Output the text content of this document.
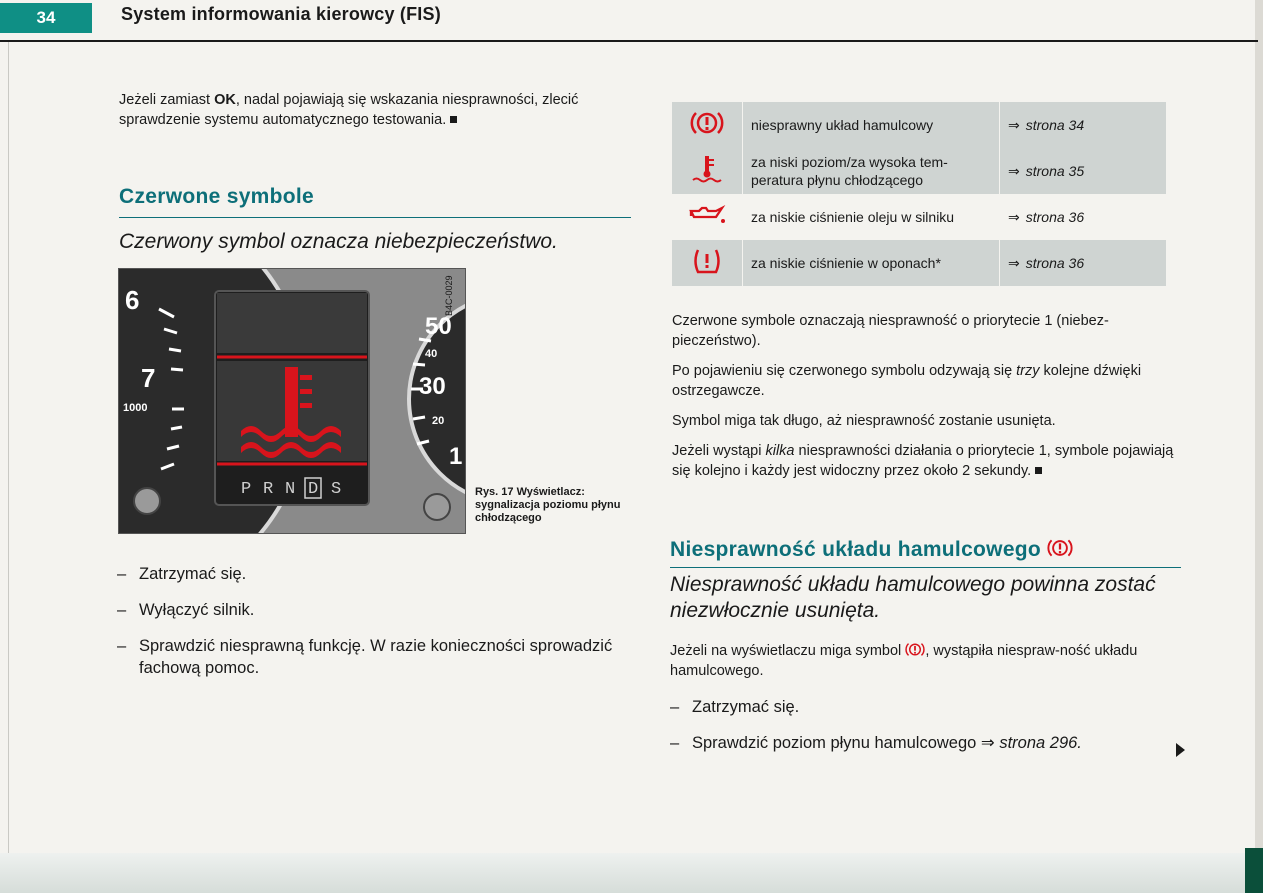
34	System informowania kierowcy (FIS)

Jeżeli zamiast OK, nadal pojawiają się wskazania niesprawności, zlecić sprawdzenie systemu automatycznego testowania.

Czerwone symbole
Czerwony symbol oznacza niebezpieczeństwo.
6
7
1000
50
40
30
20
1
P R N D S
B4C-0029
Rys. 17 Wyświetlacz: sygnalizacja poziomu płynu chłodzącego
– Zatrzymać się.
– Wyłączyć silnik.
– Sprawdzić niesprawną funkcję. W razie konieczności sprowadzić fachową pomoc.
	niesprawny układ hamulcowy	⇒ strona 34
	za niski poziom/za wysoka tem-peratura płynu chłodzącego	⇒ strona 35
	za niskie ciśnienie oleju w silniku	⇒ strona 36
	za niskie ciśnienie w oponach*	⇒ strona 36

Czerwone symbole oznaczają niesprawność o priorytecie 1 (niebez-pieczeństwo).

Po pojawieniu się czerwonego symbolu odzywają się trzy kolejne dźwięki ostrzegawcze.

Symbol miga tak długo, aż niesprawność zostanie usunięta.

Jeżeli wystąpi kilka niesprawności działania o priorytecie 1, symbole pojawiają się kolejno i każdy jest widoczny przez około 2 sekundy.

Niesprawność układu hamulcowego
Niesprawność układu hamulcowego powinna zostać niezwłocznie usunięta.

Jeżeli na wyświetlaczu miga symbol , wystąpiła niespraw-ność układu hamulcowego.

– Zatrzymać się.
– Sprawdzić poziom płynu hamulcowego ⇒ strona 296.
